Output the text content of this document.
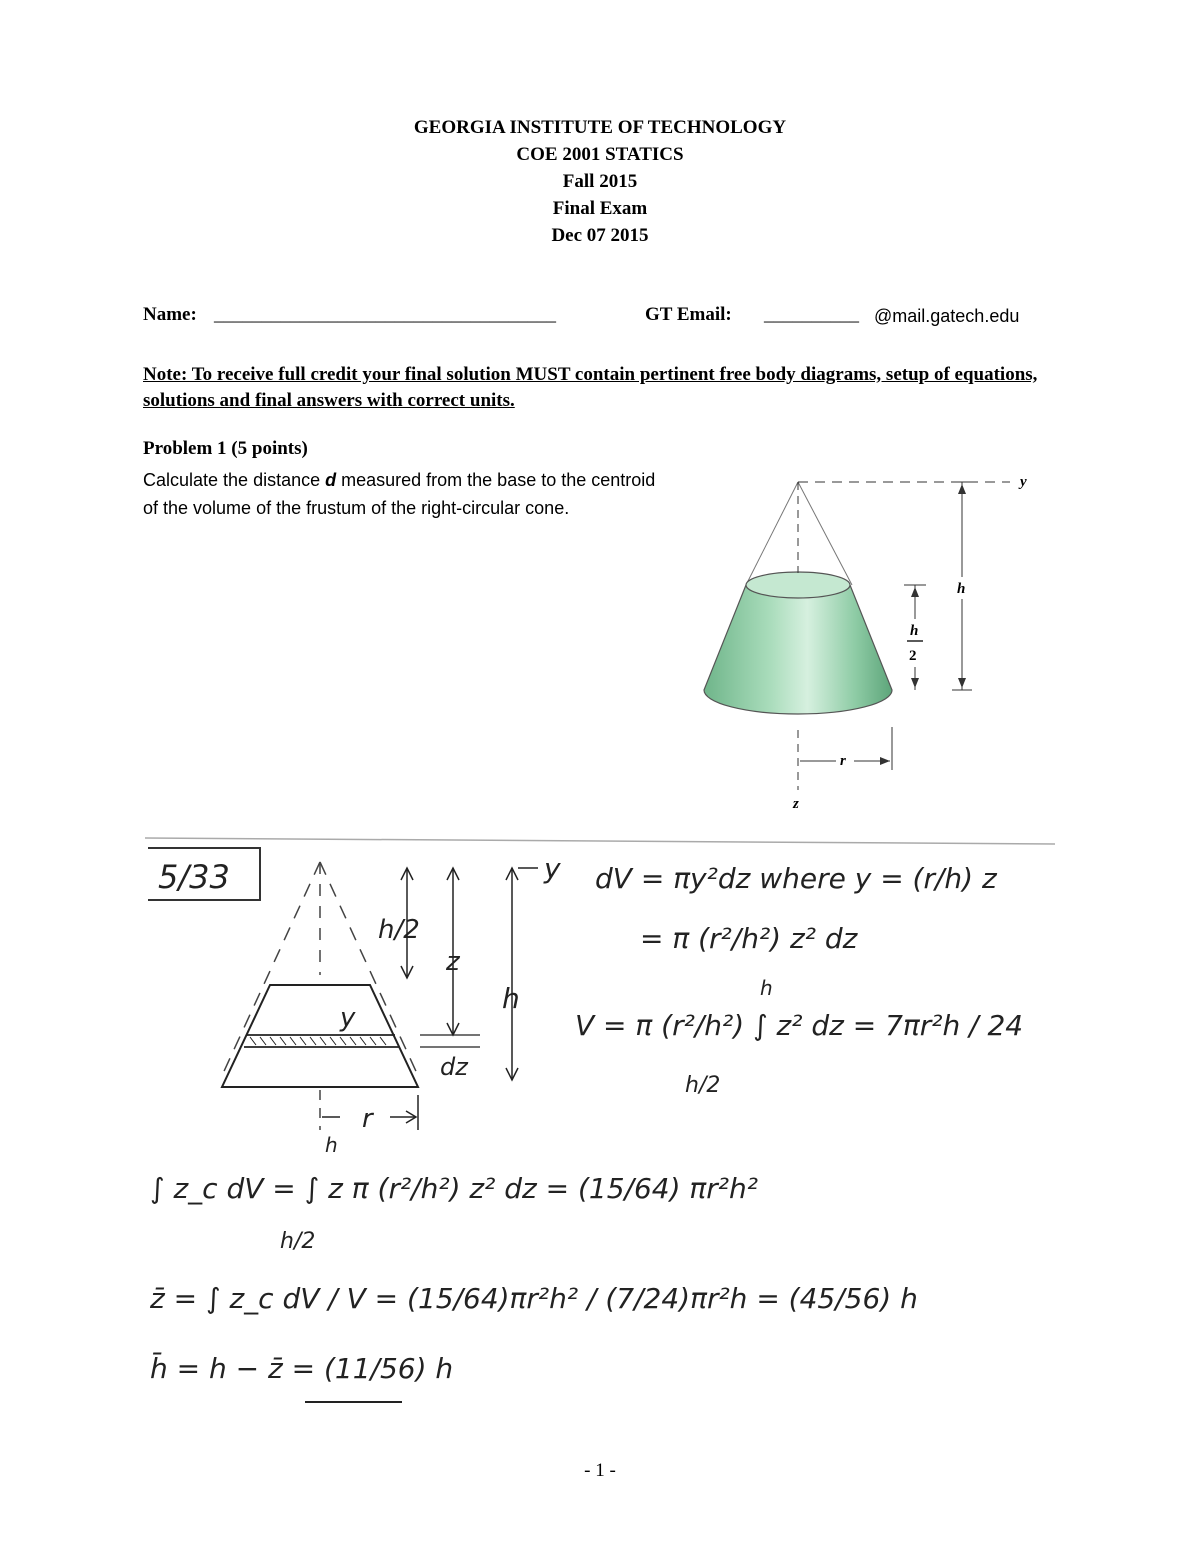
GEORGIA INSTITUTE OF TECHNOLOGY
COE 2001 STATICS
Fall 2015
Final Exam
Dec 07 2015
Name: ____________________________________	GT Email: __________ @mail.gatech.edu
Note: To receive full credit your final solution MUST contain pertinent free body diagrams, setup of equations, solutions and final answers with correct units.
Problem 1 (5 points)
Calculate the distance d measured from the base to the centroid of the volume of the frustum of the right-circular cone.
y
z
h
h
2
r
5/33
r
y
h/2
z
h
y
dz
dV = πy²dz where y = (r/h) z
= π (r²/h²) z² dz
V = π (r²/h²) ∫ z² dz = 7πr²h / 24
h
h/2
∫ z_c dV = ∫ z π (r²/h²) z² dz = (15/64) πr²h²
h
h/2
z̄ = ∫ z_c dV / V = (15/64)πr²h² / (7/24)πr²h = (45/56) h
h̄ = h − z̄ = (11/56) h
- 1 -
